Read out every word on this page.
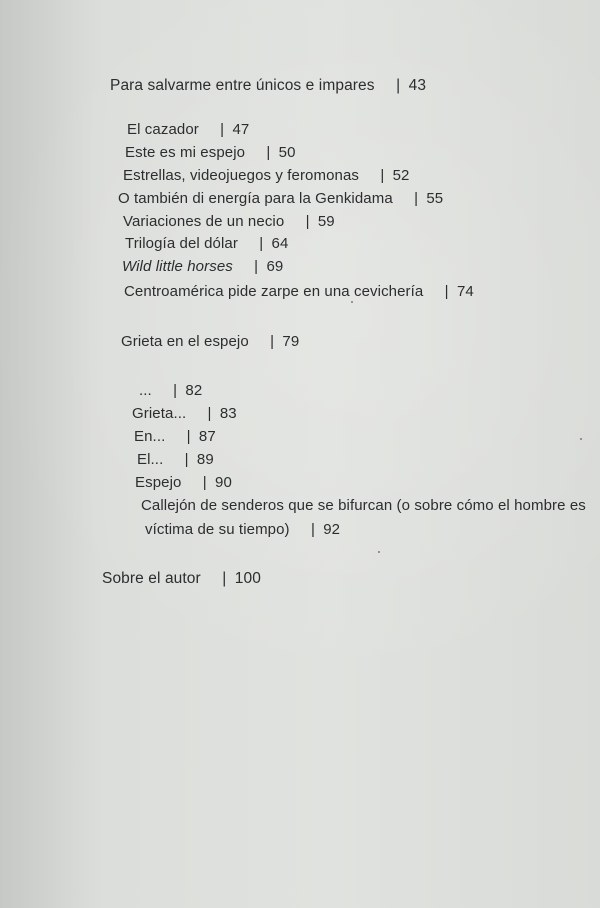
Para salvarme entre únicos e impares | 43
El cazador | 47
Este es mi espejo | 50
Estrellas, videojuegos y feromonas | 52
O también di energía para la Genkidama | 55
Variaciones de un necio | 59
Trilogía del dólar | 64
Wild little horses | 69
Centroamérica pide zarpe en una cevichería | 74
Grieta en el espejo | 79
... | 82
Grieta... | 83
En... | 87
El... | 89
Espejo | 90
Callejón de senderos que se bifurcan (o sobre cómo el hombre es
víctima de su tiempo) | 92
Sobre el autor | 100
